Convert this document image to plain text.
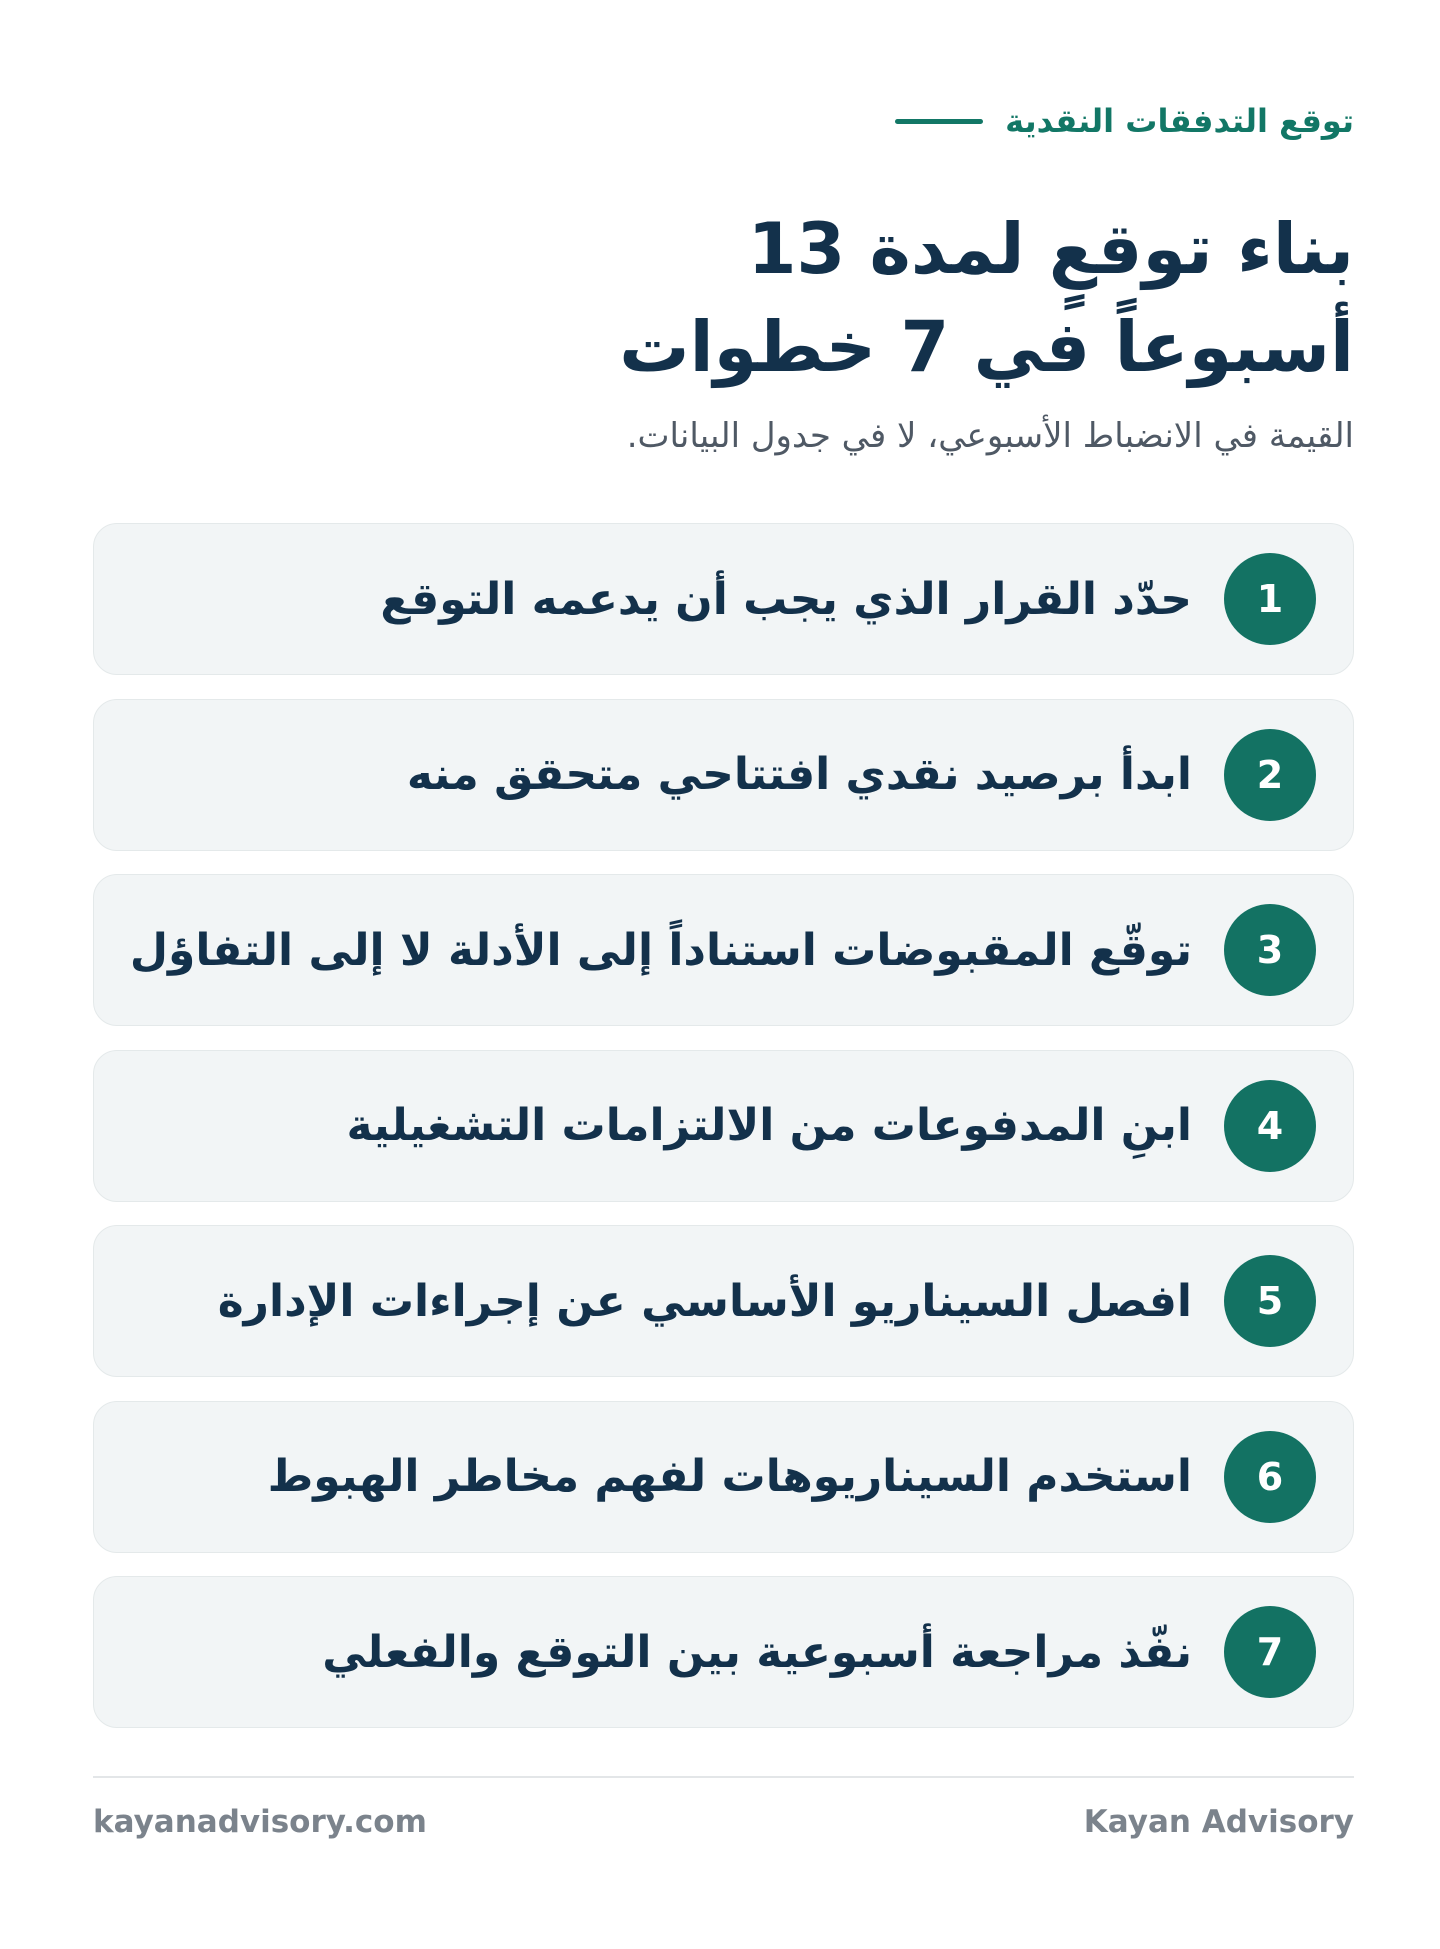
توقع التدفقات النقدية
بناء توقعٍ لمدة 13
أسبوعاً في 7 خطوات
القيمة في الانضباط الأسبوعي، لا في جدول البيانات.
1
حدّد القرار الذي يجب أن يدعمه التوقع
2
ابدأ برصيد نقدي افتتاحي متحقق منه
3
توقّع المقبوضات استناداً إلى الأدلة لا إلى التفاؤل
4
ابنِ المدفوعات من الالتزامات التشغيلية
5
افصل السيناريو الأساسي عن إجراءات الإدارة
6
استخدم السيناريوهات لفهم مخاطر الهبوط
7
نفّذ مراجعة أسبوعية بين التوقع والفعلي
Kayan Advisory
kayanadvisory.com
